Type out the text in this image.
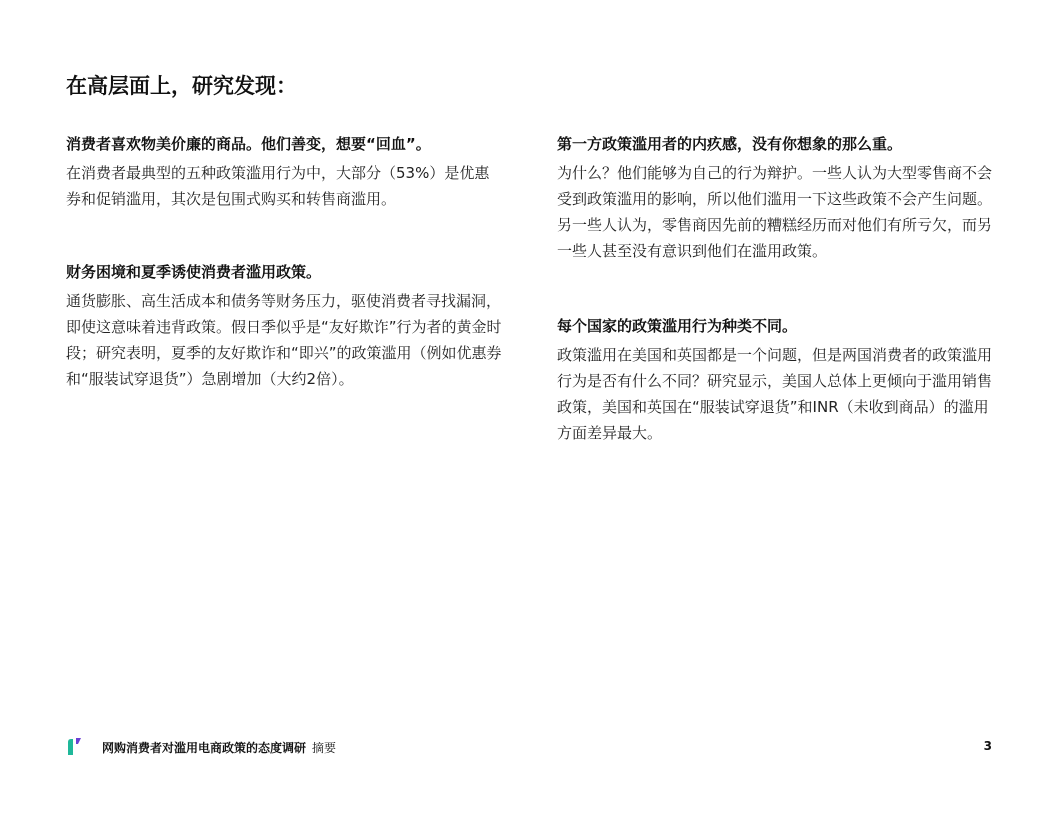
在高层面上，研究发现：
消费者喜欢物美价廉的商品。他们善变，想要“回血”。

在消费者最典型的五种政策滥用行为中，大部分（53%）是优惠券和促销滥用，其次是包围式购买和转售商滥用。

财务困境和夏季诱使消费者滥用政策。

通货膨胀、高生活成本和债务等财务压力，驱使消费者寻找漏洞，即使这意味着违背政策。假日季似乎是“友好欺诈”行为者的黄金时段；研究表明，夏季的友好欺诈和“即兴”的政策滥用（例如优惠券和“服装试穿退货”）急剧增加（大约2倍）。

第一方政策滥用者的内疚感，没有你想象的那么重。

为什么？他们能够为自己的行为辩护。一些人认为大型零售商不会受到政策滥用的影响，所以他们滥用一下这些政策不会产生问题。另一些人认为，零售商因先前的糟糕经历而对他们有所亏欠，而另一些人甚至没有意识到他们在滥用政策。

每个国家的政策滥用行为种类不同。

政策滥用在美国和英国都是一个问题，但是两国消费者的政策滥用行为是否有什么不同？研究显示，美国人总体上更倾向于滥用销售政策，美国和英国在“服装试穿退货”和INR（未收到商品）的滥用方面差异最大。

网购消费者对滥用电商政策的态度调研 摘要	3
